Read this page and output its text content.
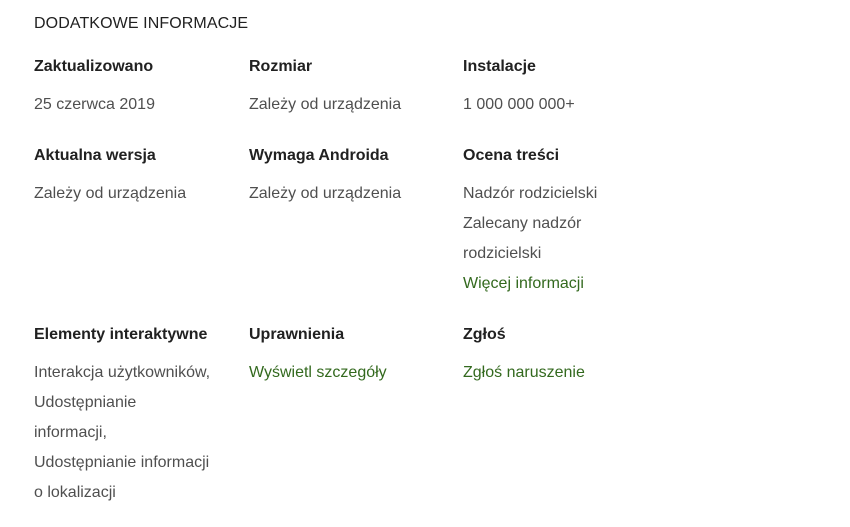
DODATKOWE INFORMACJE
Zaktualizowano
25 czerwca 2019
Rozmiar
Zależy od urządzenia
Instalacje
1 000 000 000+
Aktualna wersja
Zależy od urządzenia
Wymaga Androida
Zależy od urządzenia
Ocena treści
Nadzór rodzicielski
Zalecany nadzór
rodzicielski
Więcej informacji
Elementy interaktywne
Interakcja użytkowników,
Udostępnianie
informacji,
Udostępnianie informacji
o lokalizacji
Uprawnienia
Wyświetl szczegóły
Zgłoś
Zgłoś naruszenie
